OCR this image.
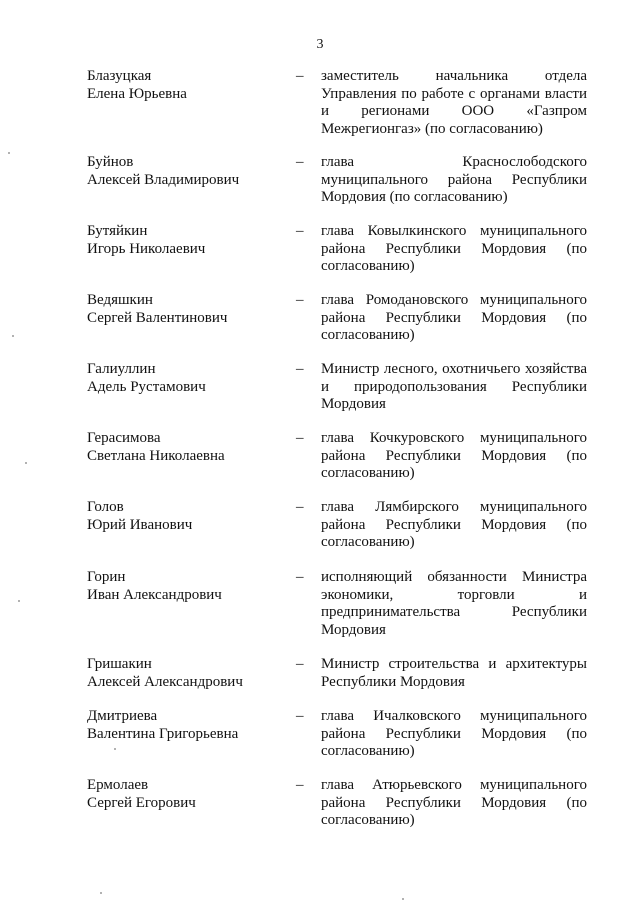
3
Блазуцкая
Елена Юрьевна
– заместитель начальника отдела Управления по работе с органами власти и регионами ООО «Газпром Межрегионгаз» (по согласованию)
Буйнов
Алексей Владимирович
– глава Краснослободского муниципального района Республики Мордовия (по согласованию)
Бутяйкин
Игорь Николаевич
– глава Ковылкинского муниципального района Республики Мордовия (по согласованию)
Ведяшкин
Сергей Валентинович
– глава Ромодановского муниципального района Республики Мордовия (по согласованию)
Галиуллин
Адель Рустамович
– Министр лесного, охотничьего хозяйства и природопользования Республики Мордовия
Герасимова
Светлана Николаевна
– глава Кочкуровского муниципального района Республики Мордовия (по согласованию)
Голов
Юрий Иванович
– глава Лямбирского муниципального района Республики Мордовия (по согласованию)
Горин
Иван Александрович
– исполняющий обязанности Министра экономики, торговли и предпринимательства Республики Мордовия
Гришакин
Алексей Александрович
– Министр строительства и архитектуры Республики Мордовия
Дмитриева
Валентина Григорьевна
– глава Ичалковского муниципального района Республики Мордовия (по согласованию)
Ермолаев
Сергей Егорович
– глава Атюрьевского муниципального района Республики Мордовия (по согласованию)
